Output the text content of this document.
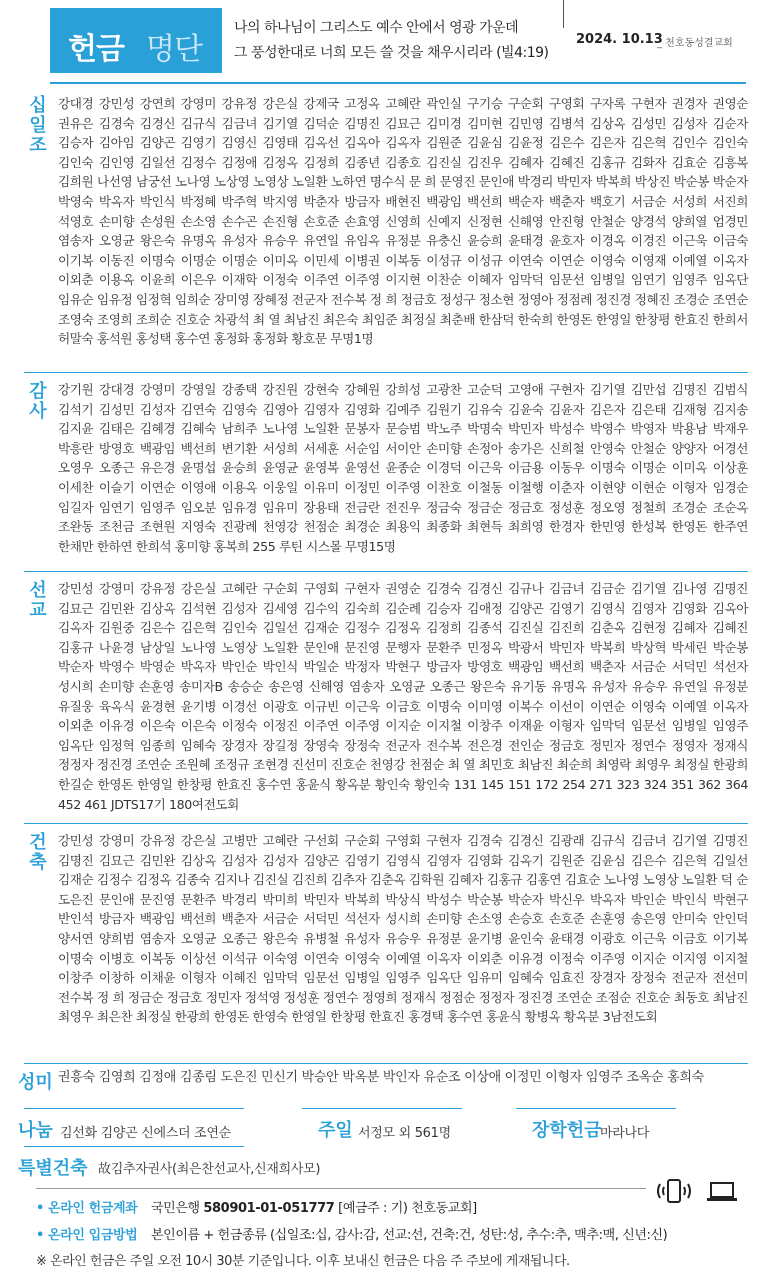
헌금 명단
나의 하나님이 그리스도 예수 안에서 영광 가운데
그 풍성한대로 너희 모든 쓸 것을 채우시리라 (빌4:19)
2024. 10.13
_ 천호동성결교회
십
일
조
강대경 강민성 강연희 강영미 강유정 강은실 강제국 고정옥 고혜란 곽인실 구기승 구순회 구영회 구자록 구현자 권경자 권영순 권유은 김경숙 김경신 김규식 김금녀 김기열 김덕순 김명진 김묘근 김미경 김미현 김민영 김병석 김상옥 김성민 김성자 김순자 김승자 김아임 김양곤 김영기 김영신 김영태 김옥선 김옥아 김옥자 김원준 김윤심 김윤정 김은수 김은자 김은혁 김인수 김인숙 김인숙 김인영 김일선 김정수 김정애 김정옥 김정희 김종년 김종호 김진실 김진우 김혜자 김혜진 김홍규 김화자 김효순 김흥복 김희원 나선영 남궁선 노나영 노상영 노영상 노일환 노하연 명수식 문 희 문영진 문인애 박경리 박민자 박복희 박상진 박순봉 박순자 박영숙 박옥자 박인식 박정혜 박주혁 박지영 박춘자 방금자 배현진 백광임 백선희 백순자 백춘자 백호기 서금순 서성희 서진희 석영호 손미향 손성원 손소영 손수곤 손진형 손호준 손효영 신영희 신예지 신정현 신해영 안진형 안철순 양경석 양희열 엄경민 염송자 오영균 왕은숙 유명옥 유성자 유승우 유연일 유임옥 유정분 유충신 윤승희 윤태경 윤호자 이경옥 이경진 이근욱 이금숙 이기복 이동진 이명숙 이명순 이명순 이미옥 이민세 이병권 이복동 이성규 이성규 이연숙 이연순 이영숙 이영재 이예열 이옥자 이외춘 이용옥 이윤희 이은우 이재학 이정숙 이주연 이주영 이지현 이찬순 이혜자 임막덕 임문선 임병일 임연기 임영주 임옥단 임유순 임유정 임정혁 임희순 장미영 장혜정 전군자 전수복 정 희 정금호 정성구 정소현 정영아 정점례 정진경 정혜진 조경순 조연순 조영숙 조영희 조희순 진호순 차광석 최 열 최남진 최은숙 최임준 최정실 최춘배 한삼덕 한숙희 한영돈 한영일 한창평 한효진 한희서 허말숙 홍석원 홍성택 홍수연 홍정화 홍정화 황호문 무명1명
감
사
강기원 강대경 강영미 강영일 강종택 강진원 강현숙 강혜원 강희성 고광찬 고순덕 고영애 구현자 김기열 김만섭 김명진 김범식 김석기 김성민 김성자 김연숙 김영숙 김영아 김영자 김영화 김예주 김원기 김유숙 김윤숙 김윤자 김은자 김은태 김재형 김지송 김지윤 김태은 김혜경 김혜숙 남희주 노나영 노일환 문봉자 문승범 박노주 박명숙 박민자 박성수 박영수 박영자 박용남 박재우 박흥란 방영호 백광임 백선희 변기환 서성희 서세훈 서순임 서이안 손미향 손정아 송가은 신희철 안영숙 안철순 양양자 어경선 오영우 오종근 유은경 윤명섭 윤승희 윤영균 윤영복 윤영선 윤종순 이경덕 이근욱 이금용 이동우 이명숙 이명순 이미옥 이상훈 이세찬 이슬기 이연순 이영애 이용옥 이웅일 이유미 이정민 이주영 이찬호 이철동 이철행 이춘자 이현양 이현순 이형자 임경순 임길자 임연기 임영주 임오분 임유경 임유미 장용태 전금란 전진우 정금숙 정금순 정금호 정성훈 정오영 정철희 조경순 조순옥 조완동 조천금 조현원 지영숙 진광례 천영강 천점순 최경순 최용익 최종화 최현득 최희영 한경자 한민영 한성복 한영돈 한주연 한채만 한하연 한희석 홍미향 홍복희 255 루틴 시스몰 무명15명
선
교
강민성 강영미 강유정 강은실 고혜란 구순회 구영회 구현자 권영순 김경숙 김경신 김규나 김금녀 김금순 김기열 김나영 김명진 김묘근 김민완 김상옥 김석현 김성자 김세영 김수익 김숙희 김순례 김승자 김애정 김양곤 김영기 김영식 김영자 김영화 김옥아 김옥자 김원중 김은수 김은혁 김인숙 김일선 김재순 김정수 김정옥 김정희 김종석 김진실 김진희 김춘옥 김현정 김혜자 김혜진 김홍규 나윤경 남상일 노나영 노영상 노일환 문인애 문진영 문행자 문환주 민정옥 박광서 박민자 박복희 박상혁 박세린 박순봉 박순자 박영수 박영순 박옥자 박인순 박인식 박일순 박정자 박현구 방금자 방영호 백광임 백선희 백춘자 서금순 서덕민 석선자 성시희 손미향 손훈영 송미자B 송승순 송은영 신해영 염송자 오영균 오종근 왕은숙 유기동 유명옥 유성자 유승우 유연일 유정분 유질웅 육옥식 윤경현 윤기병 이경선 이광호 이규빈 이근욱 이금호 이명숙 이미영 이복수 이선이 이연순 이영숙 이예열 이옥자 이외춘 이유경 이은숙 이은숙 이정숙 이정진 이주연 이주영 이지순 이지철 이창주 이재윤 이형자 임막덕 임문선 임병일 임영주 임옥단 임정혁 임종희 임혜숙 장경자 장길정 장영숙 장정숙 전군자 전수복 전은경 전인순 정금호 정민자 정연수 정영자 정재식 정정자 정진경 조연순 조원혜 조정규 조현경 진선미 진호순 천영강 천점순 최 열 최민호 최남진 최순희 최영락 최영우 최정실 한광희 한길순 한영돈 한영일 한창평 한효진 홍수연 홍윤식 황옥분 황인숙 황인숙 131 145 151 172 254 271 323 324 351 362 364 452 461 JDTS17기 180여전도회
건
축
강민성 강영미 강유정 강은실 고병만 고혜란 구선회 구순회 구영회 구현자 김경숙 김경신 김광래 김규식 김금녀 김기열 김명진 김명진 김묘근 김민완 김상옥 김성자 김성자 김양곤 김영기 김영식 김영자 김영화 김옥기 김원준 김윤심 김은수 김은혁 김일선 김재순 김정수 김정옥 김종숙 김지나 김진실 김진희 김추자 김춘옥 김학원 김혜자 김홍규 김홍연 김효순 노나영 노영상 노일환 덕 순 도은진 문인애 문진영 문환주 박경리 박미희 박민자 박복희 박상식 박성수 박순봉 박순자 박신우 박옥자 박인순 박인식 박현구 반인석 방금자 백광임 백선희 백춘자 서금순 서덕민 석선자 성시희 손미향 손소영 손승호 손호준 손훈영 송은영 안미숙 안인덕 양서연 양희범 염송자 오영균 오종근 왕은숙 유병철 유성자 유승우 유정분 윤기병 윤인숙 윤태경 이광호 이근욱 이금호 이기복 이명숙 이병호 이복동 이상선 이석규 이숙영 이연숙 이영숙 이예열 이옥자 이외춘 이유경 이정숙 이주영 이지순 이지영 이지철 이창주 이창하 이채윤 이형자 이혜진 임막덕 임문선 임병일 임영주 임옥단 임유미 임혜숙 임효진 장경자 장정숙 전군자 전선미 전수복 정 희 정금순 정금호 정민자 정석영 정성훈 정연수 정영희 정재식 정점순 정정자 정진경 조연순 조점순 진호순 최동호 최남진 최영우 최은찬 최정실 한광희 한영돈 한영숙 한영일 한창평 한효진 홍경택 홍수연 홍윤식 황병옥 황옥분 3남전도회
성미 권흥숙 김영희 김정애 김종림 도은진 민신기 박승안 박옥분 박인자 유순조 이상애 이정민 이형자 임영주 조옥순 홍희숙
나눔 김선화 김양곤 신에스더 조연순	주일 서정모 외 561명	장학헌금
마라나다
특별건축 故김추자권사(최은찬선교사,신재희사모)
• 온라인 헌금계좌 국민은행 580901-01-051777 [예금주 : 기) 천호동교회]
• 온라인 입금방법 본인이름 + 헌금종류 (십일조:십, 감사:감, 선교:선, 건축:건, 성탄:성, 추수:추, 맥추:맥, 신년:신)
※ 온라인 헌금은 주일 오전 10시 30분 기준입니다. 이후 보내신 헌금은 다음 주 주보에 게재됩니다.
